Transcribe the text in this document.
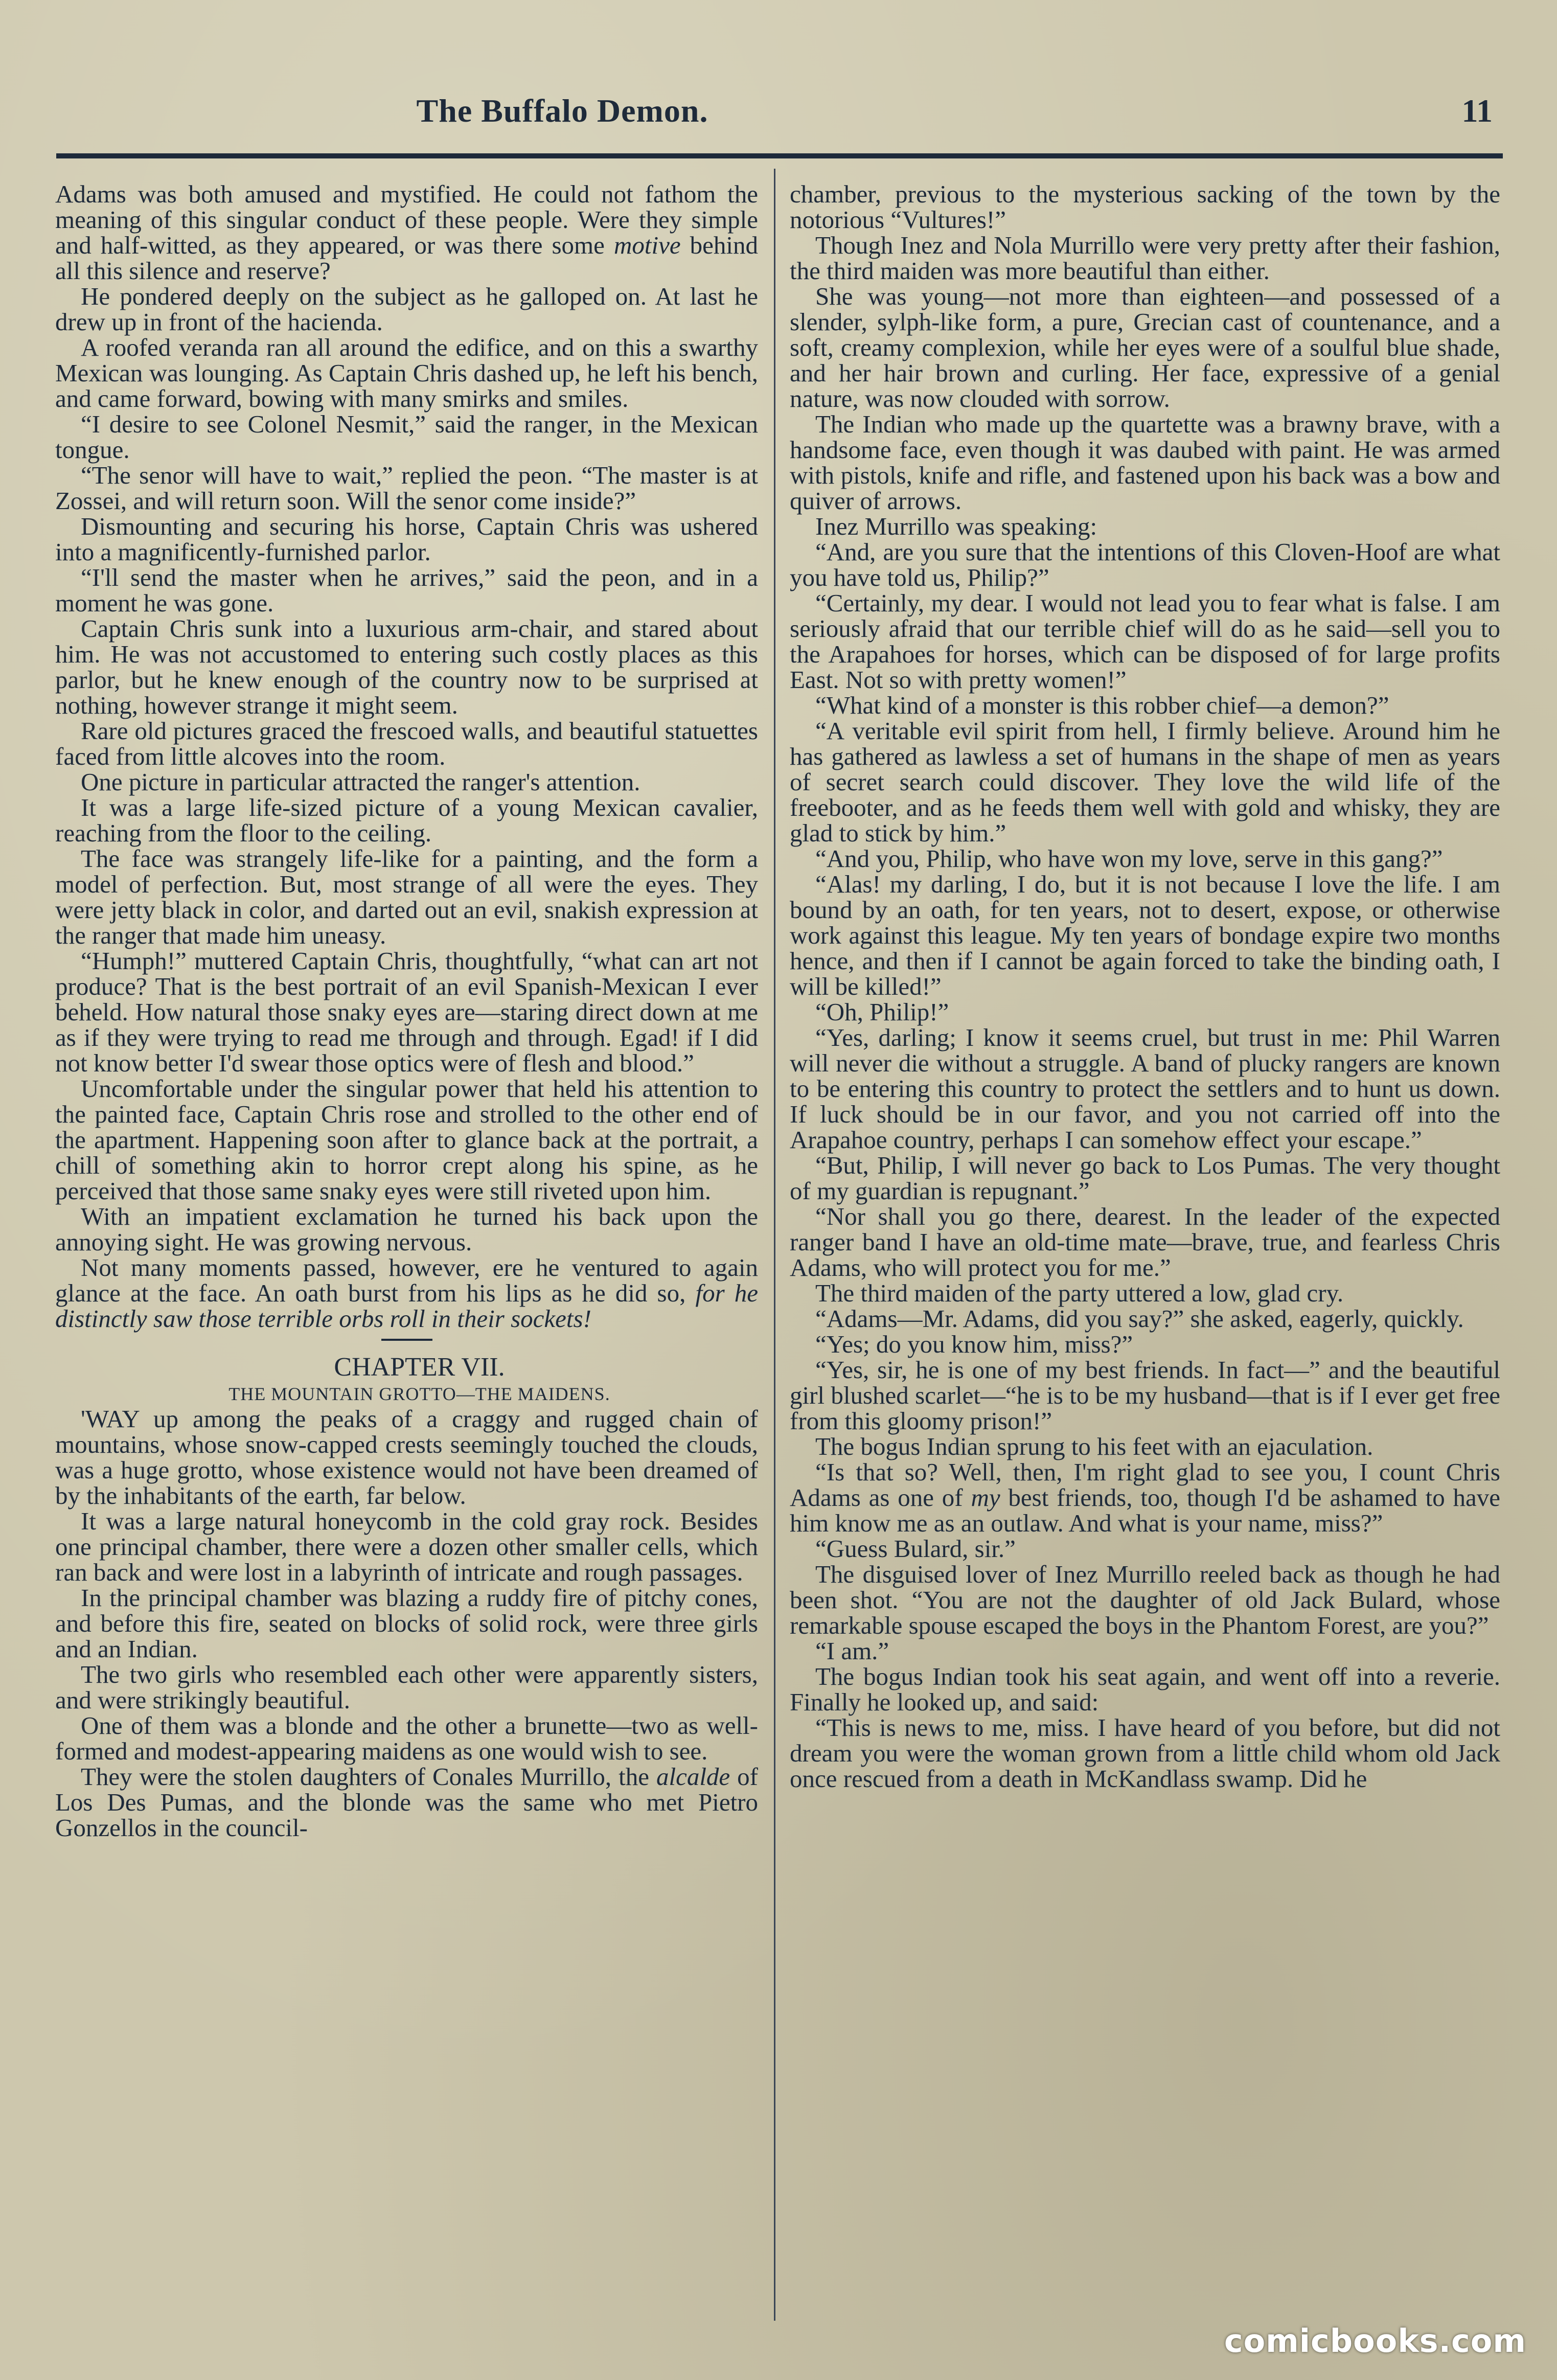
The Buffalo Demon.	11

Adams was both amused and mystified. He could not fathom the meaning of this singular conduct of these people. Were they simple and half-witted, as they appeared, or was there some motive behind all this silence and reserve?

He pondered deeply on the subject as he galloped on. At last he drew up in front of the hacienda.

A roofed veranda ran all around the edifice, and on this a swarthy Mexican was lounging. As Captain Chris dashed up, he left his bench, and came forward, bowing with many smirks and smiles.

“I desire to see Colonel Nesmit,” said the ranger, in the Mexican tongue.

“The senor will have to wait,” replied the peon. “The master is at Zossei, and will return soon. Will the senor come inside?”

Dismounting and securing his horse, Captain Chris was ushered into a magnificently-furnished parlor.

“I'll send the master when he arrives,” said the peon, and in a moment he was gone.

Captain Chris sunk into a luxurious arm-chair, and stared about him. He was not accustomed to entering such costly places as this parlor, but he knew enough of the country now to be surprised at nothing, however strange it might seem.

Rare old pictures graced the frescoed walls, and beautiful statuettes faced from little alcoves into the room.

One picture in particular attracted the ranger's attention.

It was a large life-sized picture of a young Mexican cavalier, reaching from the floor to the ceiling.

The face was strangely life-like for a painting, and the form a model of perfection. But, most strange of all were the eyes. They were jetty black in color, and darted out an evil, snakish expression at the ranger that made him uneasy.

“Humph!” muttered Captain Chris, thoughtfully, “what can art not produce? That is the best portrait of an evil Spanish-Mexican I ever beheld. How natural those snaky eyes are—staring direct down at me as if they were trying to read me through and through. Egad! if I did not know better I'd swear those optics were of flesh and blood.”

Uncomfortable under the singular power that held his attention to the painted face, Captain Chris rose and strolled to the other end of the apartment. Happening soon after to glance back at the portrait, a chill of something akin to horror crept along his spine, as he perceived that those same snaky eyes were still riveted upon him.

With an impatient exclamation he turned his back upon the annoying sight. He was growing nervous.

Not many moments passed, however, ere he ventured to again glance at the face. An oath burst from his lips as he did so, for he distinctly saw those terrible orbs roll in their sockets!

CHAPTER VII.

THE MOUNTAIN GROTTO—THE MAIDENS.

'WAY up among the peaks of a craggy and rugged chain of mountains, whose snow-capped crests seemingly touched the clouds, was a huge grotto, whose existence would not have been dreamed of by the inhabitants of the earth, far below.

It was a large natural honeycomb in the cold gray rock. Besides one principal chamber, there were a dozen other smaller cells, which ran back and were lost in a labyrinth of intricate and rough passages.

In the principal chamber was blazing a ruddy fire of pitchy cones, and before this fire, seated on blocks of solid rock, were three girls and an Indian.

The two girls who resembled each other were apparently sisters, and were strikingly beautiful.

One of them was a blonde and the other a brunette—two as well-formed and modest-appearing maidens as one would wish to see.

They were the stolen daughters of Conales Murrillo, the alcalde of Los Des Pumas, and the blonde was the same who met Pietro Gonzellos in the council-

chamber, previous to the mysterious sacking of the town by the notorious “Vultures!”

Though Inez and Nola Murrillo were very pretty after their fashion, the third maiden was more beautiful than either.

She was young—not more than eighteen—and possessed of a slender, sylph-like form, a pure, Grecian cast of countenance, and a soft, creamy complexion, while her eyes were of a soulful blue shade, and her hair brown and curling. Her face, expressive of a genial nature, was now clouded with sorrow.

The Indian who made up the quartette was a brawny brave, with a handsome face, even though it was daubed with paint. He was armed with pistols, knife and rifle, and fastened upon his back was a bow and quiver of arrows.

Inez Murrillo was speaking:

“And, are you sure that the intentions of this Cloven-Hoof are what you have told us, Philip?”

“Certainly, my dear. I would not lead you to fear what is false. I am seriously afraid that our terrible chief will do as he said—sell you to the Arapahoes for horses, which can be disposed of for large profits East. Not so with pretty women!”

“What kind of a monster is this robber chief—a demon?”

“A veritable evil spirit from hell, I firmly believe. Around him he has gathered as lawless a set of humans in the shape of men as years of secret search could discover. They love the wild life of the freebooter, and as he feeds them well with gold and whisky, they are glad to stick by him.”

“And you, Philip, who have won my love, serve in this gang?”

“Alas! my darling, I do, but it is not because I love the life. I am bound by an oath, for ten years, not to desert, expose, or otherwise work against this league. My ten years of bondage expire two months hence, and then if I cannot be again forced to take the binding oath, I will be killed!”

“Oh, Philip!”

“Yes, darling; I know it seems cruel, but trust in me: Phil Warren will never die without a struggle. A band of plucky rangers are known to be entering this country to protect the settlers and to hunt us down. If luck should be in our favor, and you not carried off into the Arapahoe country, perhaps I can somehow effect your escape.”

“But, Philip, I will never go back to Los Pumas. The very thought of my guardian is repugnant.”

“Nor shall you go there, dearest. In the leader of the expected ranger band I have an old-time mate—brave, true, and fearless Chris Adams, who will protect you for me.”

The third maiden of the party uttered a low, glad cry.

“Adams—Mr. Adams, did you say?” she asked, eagerly, quickly.

“Yes; do you know him, miss?”

“Yes, sir, he is one of my best friends. In fact—” and the beautiful girl blushed scarlet—“he is to be my husband—that is if I ever get free from this gloomy prison!”

The bogus Indian sprung to his feet with an ejaculation.

“Is that so? Well, then, I'm right glad to see you, I count Chris Adams as one of my best friends, too, though I'd be ashamed to have him know me as an outlaw. And what is your name, miss?”

“Guess Bulard, sir.”

The disguised lover of Inez Murrillo reeled back as though he had been shot. “You are not the daughter of old Jack Bulard, whose remarkable spouse escaped the boys in the Phantom Forest, are you?”

“I am.”

The bogus Indian took his seat again, and went off into a reverie. Finally he looked up, and said:

“This is news to me, miss. I have heard of you before, but did not dream you were the woman grown from a little child whom old Jack once rescued from a death in McKandlass swamp. Did he

comicbooks.com
